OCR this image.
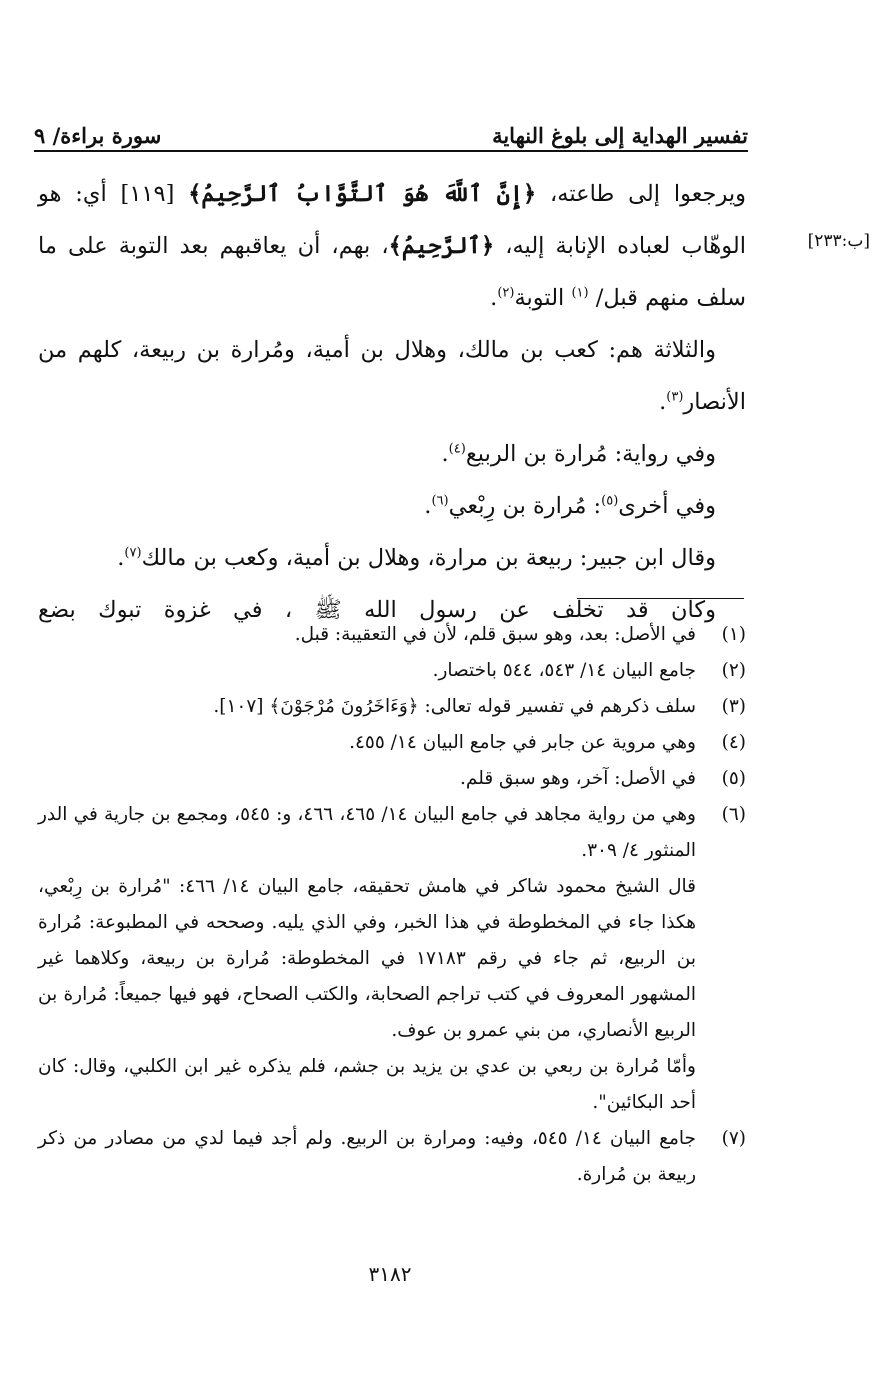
تفسير الهداية إلى بلوغ النهاية
سورة براءة/ ٩
[ب:٢٣٣]

ويرجعوا إلى طاعته، ﴿إِنَّ ٱللَّهَ هُوَ ٱلتَّوَّابُ ٱلرَّحِيمُ﴾ [١١٩] أي: هو الوهّاب لعباده الإنابة إليه، ﴿ٱلرَّحِيمُ﴾، بهم، أن يعاقبهم بعد التوبة على ما سلف منهم قبل/ $^{(١)}$ التوبة$^{(٢)}$.

والثلاثة هم: كعب بن مالك، وهلال بن أمية، ومُرارة بن ربيعة، كلهم من الأنصار$^{(٣)}$.

وفي رواية: مُرارة بن الربيع$^{(٤)}$.

وفي أخرى$^{(٥)}$: مُرارة بن رِبْعي$^{(٦)}$.

وقال ابن جبير: ربيعة بن مرارة، وهلال بن أمية، وكعب بن مالك$^{(٧)}$.

وكان قد تخلف عن رسول الله ﷺ ، في غزوة تبوك بضع

(١)
في الأصل: بعد، وهو سبق قلم، لأن في التعقيبة: قبل.
(٢)
جامع البيان ١٤/ ٥٤٣، ٥٤٤ باختصار.
(٣)
سلف ذكرهم في تفسير قوله تعالى: ﴿وَءَاخَرُونَ مُرْجَوْنَ﴾ [١٠٧].
(٤)
وهي مروية عن جابر في جامع البيان ١٤/ ٤٥٥.
(٥)
في الأصل: آخر، وهو سبق قلم.
(٦)
وهي من رواية مجاهد في جامع البيان ١٤/ ٤٦٥، ٤٦٦، و: ٥٤٥، ومجمع بن جارية في الدر المنثور ٤/ ٣٠٩.
قال الشيخ محمود شاكر في هامش تحقيقه، جامع البيان ١٤/ ٤٦٦: "مُرارة بن رِبْعي، هكذا جاء في المخطوطة في هذا الخبر، وفي الذي يليه. وصححه في المطبوعة: مُرارة بن الربيع، ثم جاء في رقم ١٧١٨٣ في المخطوطة: مُرارة بن ربيعة، وكلاهما غير المشهور المعروف في كتب تراجم الصحابة، والكتب الصحاح، فهو فيها جميعاً: مُرارة بن الربيع الأنصاري، من بني عمرو بن عوف.
وأمّا مُرارة بن ربعي بن عدي بن يزيد بن جشم، فلم يذكره غير ابن الكلبي، وقال: كان أحد البكائين".
(٧)
جامع البيان ١٤/ ٥٤٥، وفيه: ومرارة بن الربيع. ولم أجد فيما لدي من مصادر من ذكر ربيعة بن مُرارة.
٣١٨٢
